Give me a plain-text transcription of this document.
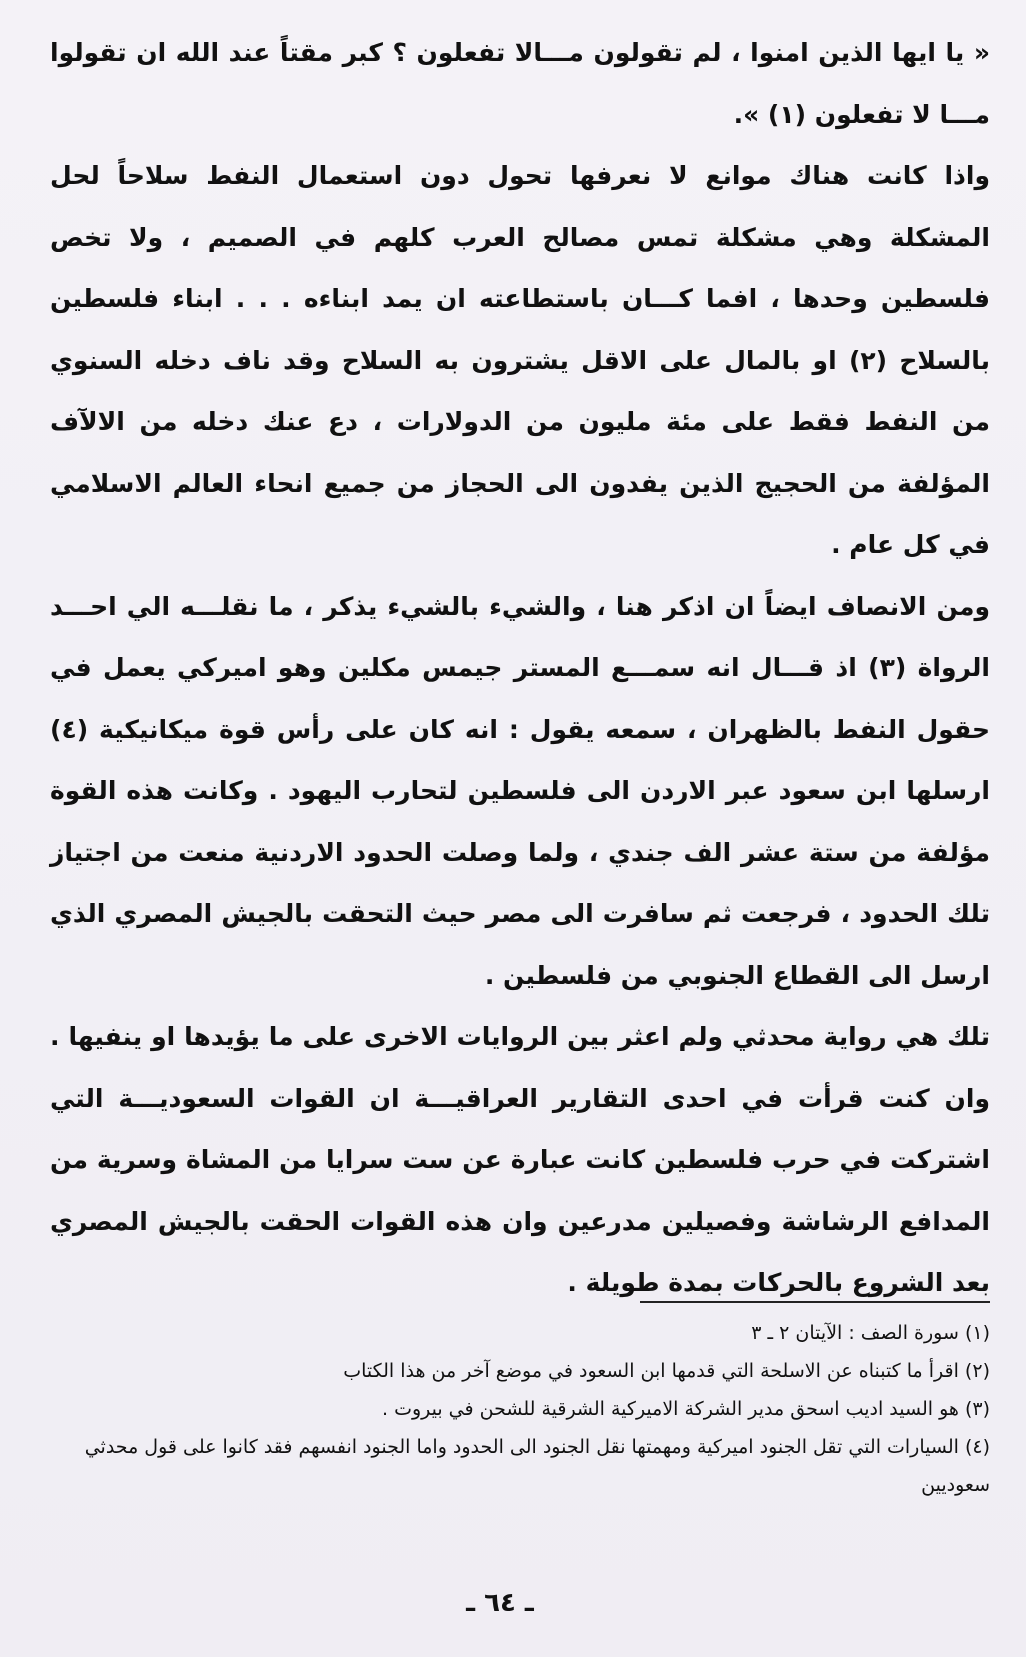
« يا ايها الذين امنوا ، لم تقولون مـــالا تفعلون ؟ كبر مقتاً عند الله ان تقولوا مـــا لا تفعلون (١) ».

واذا كانت هناك موانع لا نعرفها تحول دون استعمال النفط سلاحاً لحل المشكلة وهي مشكلة تمس مصالح العرب كلهم في الصميم ، ولا تخص فلسطين وحدها ، افما كـــان باستطاعته ان يمد ابناءه . . . ابناء فلسطين بالسلاح (٢) او بالمال على الاقل يشترون به السلاح وقد ناف دخله السنوي من النفط فقط على مئة مليون من الدولارات ، دع عنك دخله من الالآف المؤلفة من الحجيج الذين يفدون الى الحجاز من جميع انحاء العالم الاسلامي في كل عام .

ومن الانصاف ايضاً ان اذكر هنا ، والشيء بالشيء يذكر ، ما نقلـــه الي احـــد الرواة (٣) اذ قـــال انه سمـــع المستر جيمس مكلين وهو اميركي يعمل في حقول النفط بالظهران ، سمعه يقول : انه كان على رأس قوة ميكانيكية (٤) ارسلها ابن سعود عبر الاردن الى فلسطين لتحارب اليهود . وكانت هذه القوة مؤلفة من ستة عشر الف جندي ، ولما وصلت الحدود الاردنية منعت من اجتياز تلك الحدود ، فرجعت ثم سافرت الى مصر حيث التحقت بالجيش المصري الذي ارسل الى القطاع الجنوبي من فلسطين .

تلك هي رواية محدثي ولم اعثر بين الروايات الاخرى على ما يؤيدها او ينفيها . وان كنت قرأت في احدى التقارير العراقيـــة ان القوات السعوديـــة التي اشتركت في حرب فلسطين كانت عبارة عن ست سرايا من المشاة وسرية من المدافع الرشاشة وفصيلين مدرعين وان هذه القوات الحقت بالجيش المصري بعد الشروع بالحركات بمدة طويلة .

(١) سورة الصف : الآيتان ٢ ـ ٣
(٢) اقرأ ما كتبناه عن الاسلحة التي قدمها ابن السعود في موضع آخر من هذا الكتاب
(٣) هو السيد اديب اسحق مدير الشركة الاميركية الشرقية للشحن في بيروت .
(٤) السيارات التي تقل الجنود اميركية ومهمتها نقل الجنود الى الحدود واما الجنود انفسهم فقد كانوا على قول محدثي سعوديين
ـ ٦٤ ـ
